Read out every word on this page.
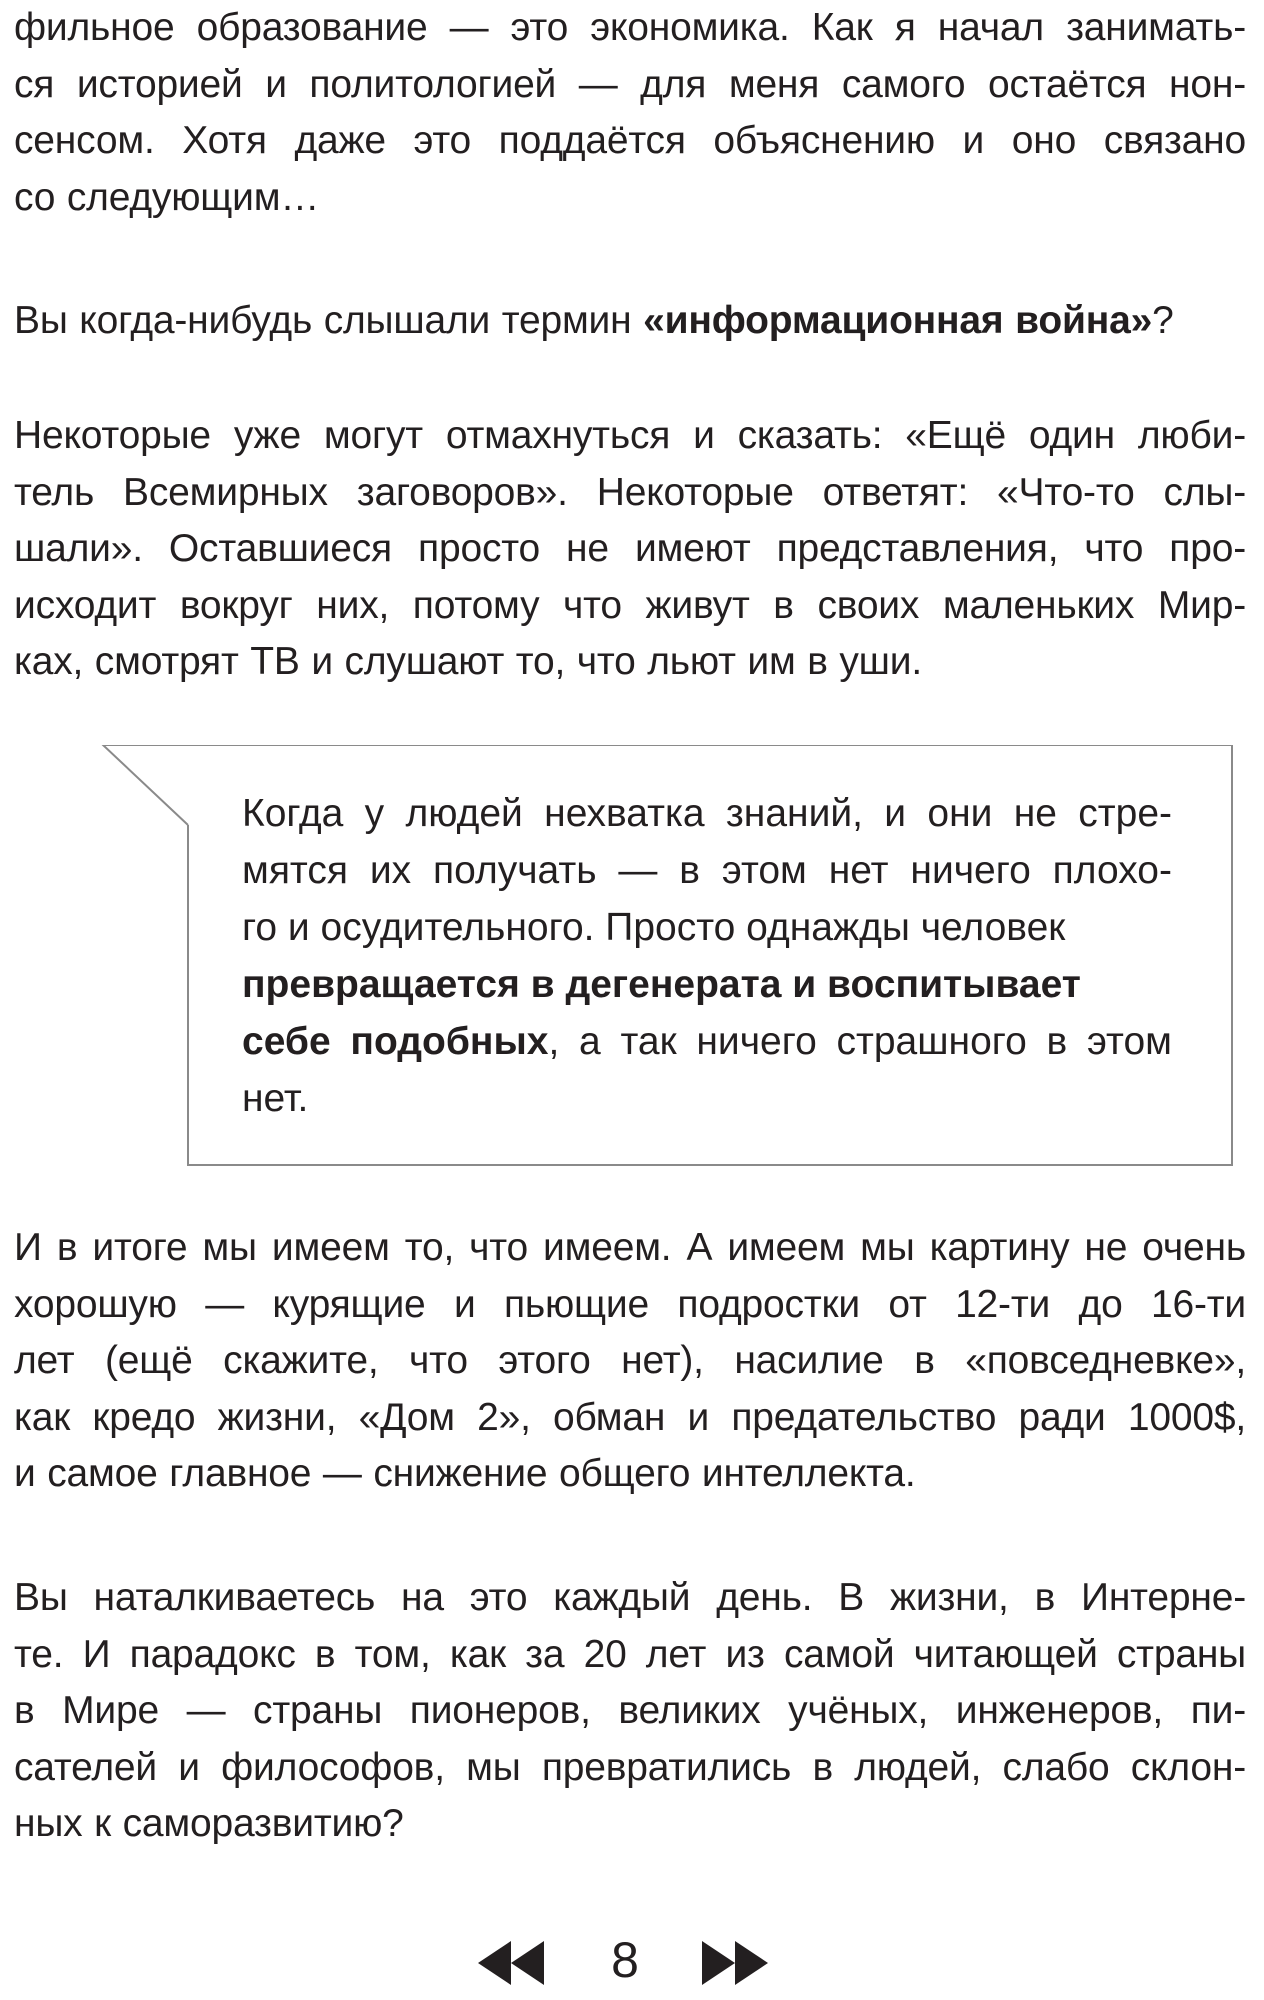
фильное образование — это экономика. Как я начал занимать-
ся историей и политологией — для меня самого остаётся нон-
сенсом. Хотя даже это поддаётся объяснению и оно связано
со следующим…

Вы когда-нибудь слышали термин «информационная война»?

Некоторые уже могут отмахнуться и сказать: «Ещё один люби-
тель Всемирных заговоров». Некоторые ответят: «Что-то слы-
шали». Оставшиеся просто не имеют представления, что про-
исходит вокруг них, потому что живут в своих маленьких Мир-
ках, смотрят ТВ и слушают то, что льют им в уши.

И в итоге мы имеем то, что имеем. А имеем мы картину не очень
хорошую — курящие и пьющие подростки от 12-ти до 16-ти
лет (ещё скажите, что этого нет), насилие в «повседневке»,
как кредо жизни, «Дом 2», обман и предательство ради 1000$,
и самое главное — снижение общего интеллекта.

Вы наталкиваетесь на это каждый день. В жизни, в Интерне-
те. И парадокс в том, как за 20 лет из самой читающей страны
в Мире — страны пионеров, великих учёных, инженеров, пи-
сателей и философов, мы превратились в людей, слабо склон-
ных к саморазвитию?

Когда у людей нехватка знаний, и они не стре-
мятся их получать — в этом нет ничего плохо-
го и осудительного. Просто однажды человек
превращается в дегенерата и воспитывает
себе подобных, а так ничего страшного в этом
нет.
8
